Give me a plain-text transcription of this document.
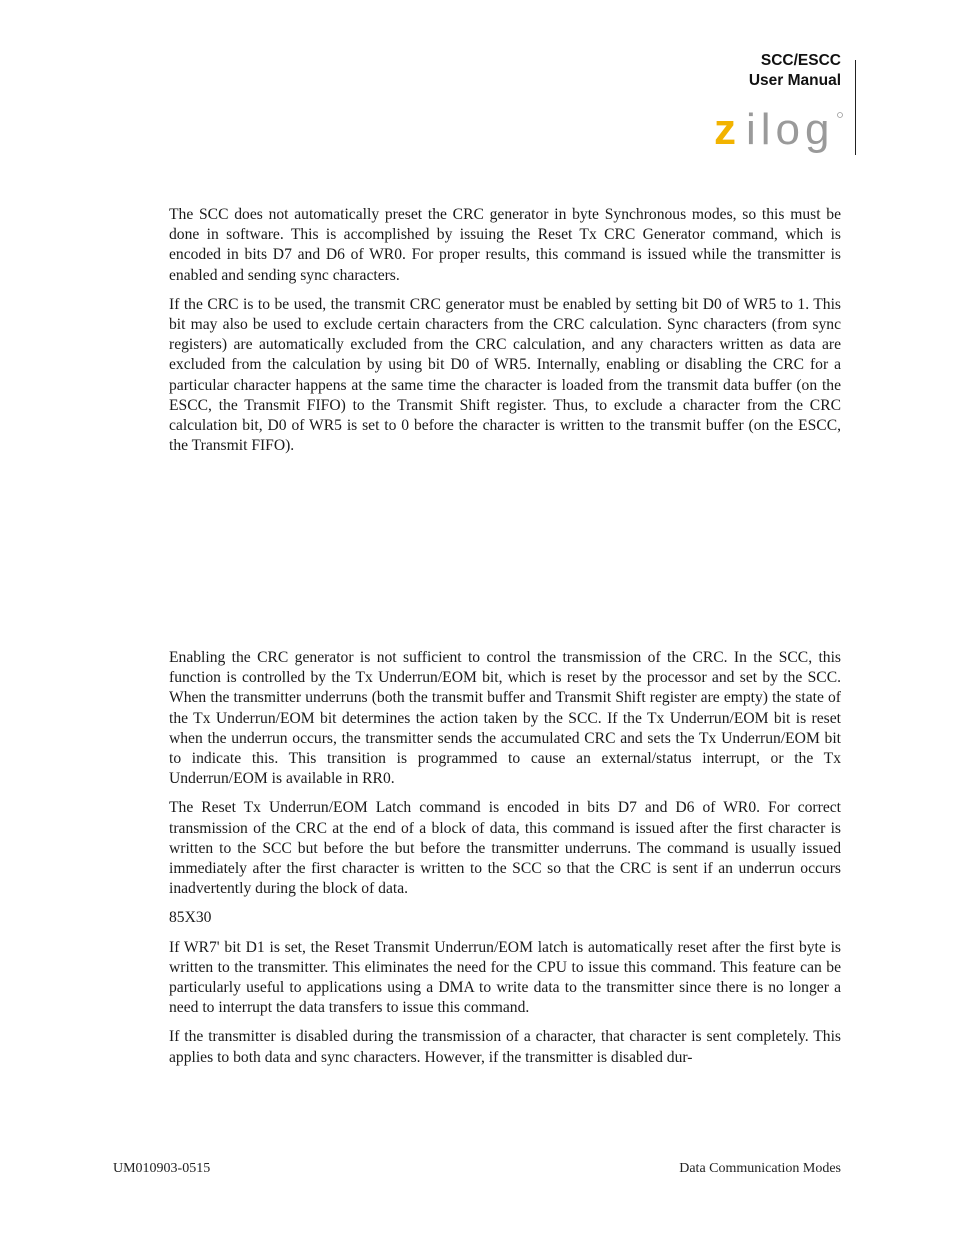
SCC/ESCC
User Manual
z ilog

The SCC does not automatically preset the CRC generator in byte Synchronous modes, so this must be done in software. This is accomplished by issuing the Reset Tx CRC Generator command, which is encoded in bits D7 and D6 of WR0. For proper results, this command is issued while the transmitter is enabled and sending sync characters.

If the CRC is to be used, the transmit CRC generator must be enabled by setting bit D0 of WR5 to 1. This bit may also be used to exclude certain characters from the CRC calculation. Sync characters (from sync registers) are automatically excluded from the CRC calculation, and any characters written as data are excluded from the calculation by using bit D0 of WR5. Internally, enabling or disabling the CRC for a particular character happens at the same time the character is loaded from the transmit data buffer (on the ESCC, the Transmit FIFO) to the Transmit Shift register. Thus, to exclude a character from the CRC calculation bit, D0 of WR5 is set to 0 before the character is written to the transmit buffer (on the ESCC, the Transmit FIFO).

Enabling the CRC generator is not sufficient to control the transmission of the CRC. In the SCC, this function is controlled by the Tx Underrun/EOM bit, which is reset by the processor and set by the SCC. When the transmitter underruns (both the transmit buffer and Transmit Shift register are empty) the state of the Tx Underrun/EOM bit determines the action taken by the SCC. If the Tx Underrun/EOM bit is reset when the underrun occurs, the transmitter sends the accumulated CRC and sets the Tx Underrun/EOM bit to indicate this. This transition is programmed to cause an external/status interrupt, or the Tx Underrun/EOM is available in RR0.

The Reset Tx Underrun/EOM Latch command is encoded in bits D7 and D6 of WR0. For correct transmission of the CRC at the end of a block of data, this command is issued after the first character is written to the SCC but before the but before the transmitter underruns. The command is usually issued immediately after the first character is written to the SCC so that the CRC is sent if an underrun occurs inadvertently during the block of data.

85X30

If WR7' bit D1 is set, the Reset Transmit Underrun/EOM latch is automatically reset after the first byte is written to the transmitter. This eliminates the need for the CPU to issue this command. This feature can be particularly useful to applications using a DMA to write data to the transmitter since there is no longer a need to interrupt the data transfers to issue this command.

If the transmitter is disabled during the transmission of a character, that character is sent completely. This applies to both data and sync characters. However, if the transmitter is disabled dur-

UM010903-0515	Data Communication Modes
